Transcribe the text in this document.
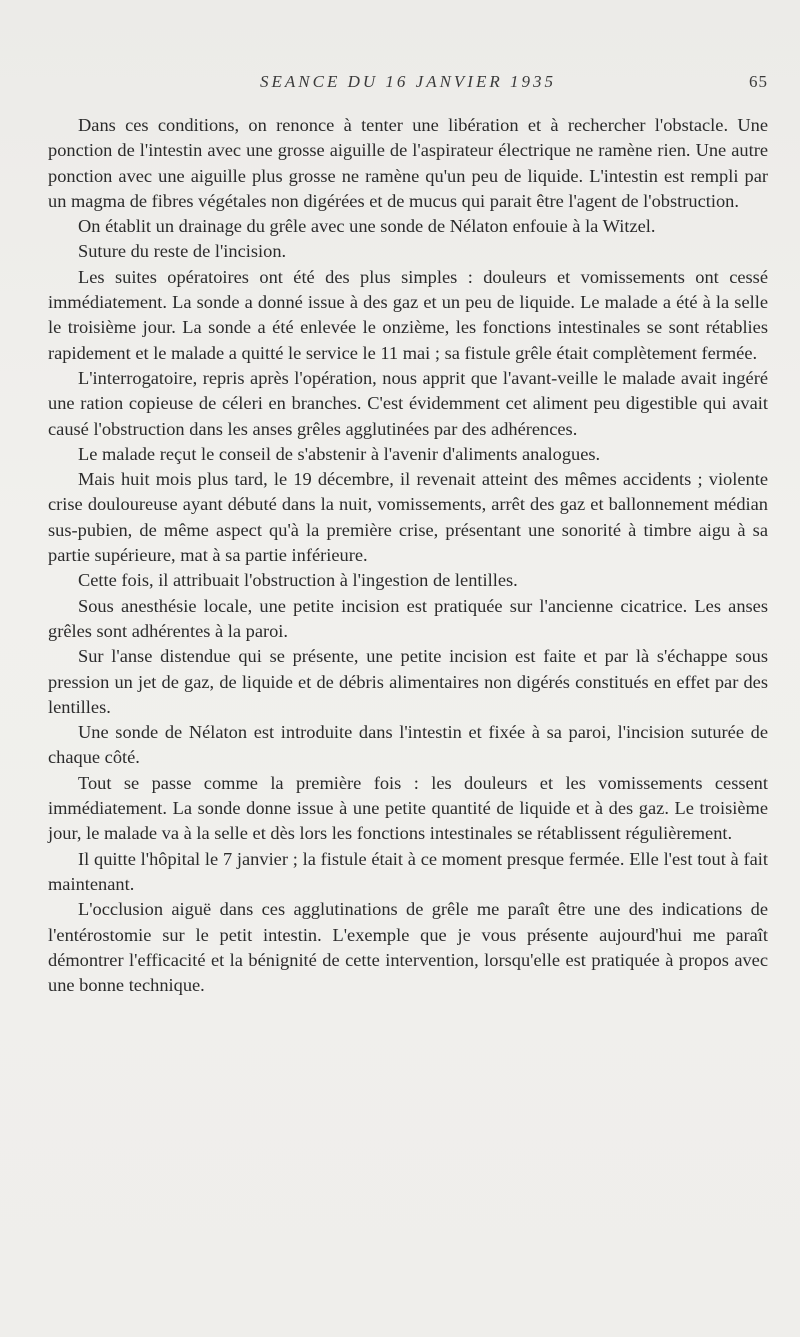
SEANCE DU 16 JANVIER 1935	65

Dans ces conditions, on renonce à tenter une libération et à rechercher l'obstacle. Une ponction de l'intestin avec une grosse aiguille de l'aspirateur électrique ne ramène rien. Une autre ponction avec une aiguille plus grosse ne ramène qu'un peu de liquide. L'intestin est rempli par un magma de fibres végétales non digérées et de mucus qui parait être l'agent de l'obstruction.

On établit un drainage du grêle avec une sonde de Nélaton enfouie à la Witzel.

Suture du reste de l'incision.

Les suites opératoires ont été des plus simples : douleurs et vomissements ont cessé immédiatement. La sonde a donné issue à des gaz et un peu de liquide. Le malade a été à la selle le troisième jour. La sonde a été enlevée le onzième, les fonctions intestinales se sont rétablies rapidement et le malade a quitté le service le 11 mai ; sa fistule grêle était complètement fermée.

L'interrogatoire, repris après l'opération, nous apprit que l'avant-veille le malade avait ingéré une ration copieuse de céleri en branches. C'est évidemment cet aliment peu digestible qui avait causé l'obstruction dans les anses grêles agglutinées par des adhérences.

Le malade reçut le conseil de s'abstenir à l'avenir d'aliments analogues.

Mais huit mois plus tard, le 19 décembre, il revenait atteint des mêmes accidents ; violente crise douloureuse ayant débuté dans la nuit, vomissements, arrêt des gaz et ballonnement médian sus-pubien, de même aspect qu'à la première crise, présentant une sonorité à timbre aigu à sa partie supérieure, mat à sa partie inférieure.

Cette fois, il attribuait l'obstruction à l'ingestion de lentilles.

Sous anesthésie locale, une petite incision est pratiquée sur l'ancienne cicatrice. Les anses grêles sont adhérentes à la paroi.

Sur l'anse distendue qui se présente, une petite incision est faite et par là s'échappe sous pression un jet de gaz, de liquide et de débris alimentaires non digérés constitués en effet par des lentilles.

Une sonde de Nélaton est introduite dans l'intestin et fixée à sa paroi, l'incision suturée de chaque côté.

Tout se passe comme la première fois : les douleurs et les vomissements cessent immédiatement. La sonde donne issue à une petite quantité de liquide et à des gaz. Le troisième jour, le malade va à la selle et dès lors les fonctions intestinales se rétablissent régulièrement.

Il quitte l'hôpital le 7 janvier ; la fistule était à ce moment presque fermée. Elle l'est tout à fait maintenant.

L'occlusion aiguë dans ces agglutinations de grêle me paraît être une des indications de l'entérostomie sur le petit intestin. L'exemple que je vous présente aujourd'hui me paraît démontrer l'efficacité et la bénignité de cette intervention, lorsqu'elle est pratiquée à propos avec une bonne technique.
